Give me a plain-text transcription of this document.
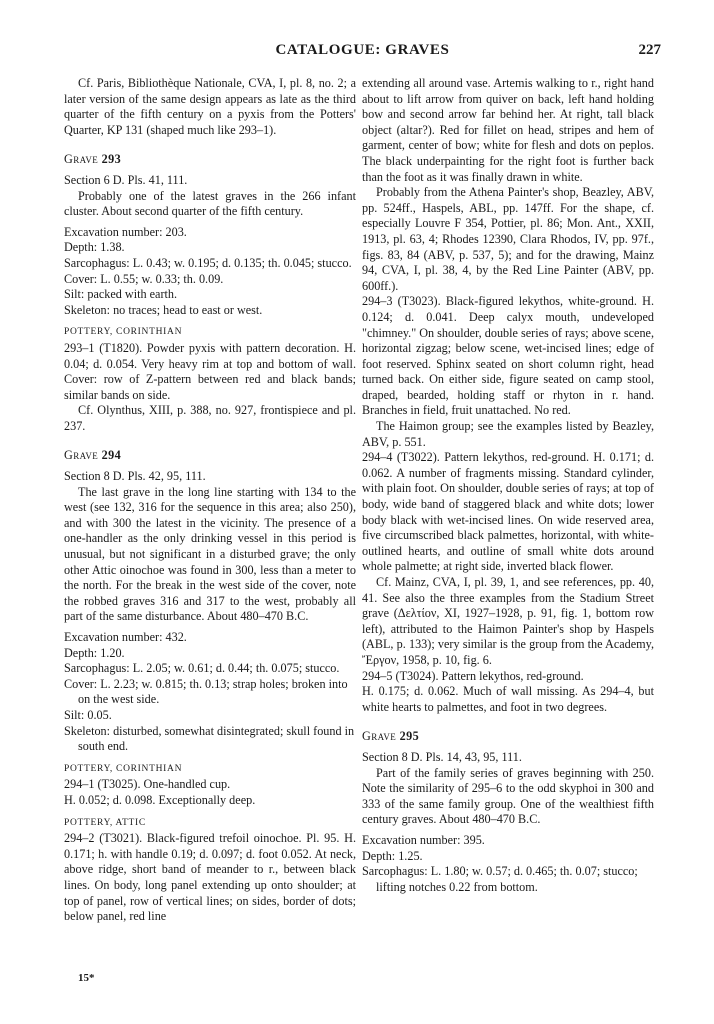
CATALOGUE: GRAVES	227

Cf. Paris, Bibliothèque Nationale, CVA, I, pl. 8, no. 2; a later version of the same design appears as late as the third quarter of the fifth century on a pyxis from the Potters' Quarter, KP 131 (shaped much like 293–1).

Grave 293

Section 6 D. Pls. 41, 111.

Probably one of the latest graves in the 266 infant cluster. About second quarter of the fifth century.

Excavation number: 203.

Depth: 1.38.

Sarcophagus: L. 0.43; w. 0.195; d. 0.135; th. 0.045; stucco.

Cover: L. 0.55; w. 0.33; th. 0.09.

Silt: packed with earth.

Skeleton: no traces; head to east or west.

POTTERY, CORINTHIAN

293–1 (T1820). Powder pyxis with pattern decoration. H. 0.04; d. 0.054. Very heavy rim at top and bottom of wall. Cover: row of Z-pattern between red and black bands; similar bands on side.

Cf. Olynthus, XIII, p. 388, no. 927, frontispiece and pl. 237.

Grave 294

Section 8 D. Pls. 42, 95, 111.

The last grave in the long line starting with 134 to the west (see 132, 316 for the sequence in this area; also 250), and with 300 the latest in the vicinity. The presence of a one-handler as the only drinking vessel in this period is unusual, but not significant in a disturbed grave; the only other Attic oinochoe was found in 300, less than a meter to the north. For the break in the west side of the cover, note the robbed graves 316 and 317 to the west, probably all part of the same disturbance. About 480–470 B.C.

Excavation number: 432.

Depth: 1.20.

Sarcophagus: L. 2.05; w. 0.61; d. 0.44; th. 0.075; stucco.

Cover: L. 2.23; w. 0.815; th. 0.13; strap holes; broken into on the west side.

Silt: 0.05.

Skeleton: disturbed, somewhat disintegrated; skull found in south end.

POTTERY, CORINTHIAN

294–1 (T3025). One-handled cup.

H. 0.052; d. 0.098. Exceptionally deep.

POTTERY, ATTIC

294–2 (T3021). Black-figured trefoil oinochoe. Pl. 95. H. 0.171; h. with handle 0.19; d. 0.097; d. foot 0.052. At neck, above ridge, short band of meander to r., between black lines. On body, long panel extending up onto shoulder; at top of panel, row of vertical lines; on sides, border of dots; below panel, red line

extending all around vase. Artemis walking to r., right hand about to lift arrow from quiver on back, left hand holding bow and second arrow far behind her. At right, tall black object (altar?). Red for fillet on head, stripes and hem of garment, center of bow; white for flesh and dots on peplos. The black underpainting for the right foot is further back than the foot as it was finally drawn in white.

Probably from the Athena Painter's shop, Beazley, ABV, pp. 524ff., Haspels, ABL, pp. 147ff. For the shape, cf. especially Louvre F 354, Pottier, pl. 86; Mon. Ant., XXII, 1913, pl. 63, 4; Rhodes 12390, Clara Rhodos, IV, pp. 97f., figs. 83, 84 (ABV, p. 537, 5); and for the drawing, Mainz 94, CVA, I, pl. 38, 4, by the Red Line Painter (ABV, pp. 600ff.).

294–3 (T3023). Black-figured lekythos, white-ground. H. 0.124; d. 0.041. Deep calyx mouth, undeveloped "chimney." On shoulder, double series of rays; above scene, horizontal zigzag; below scene, wet-incised lines; edge of foot reserved. Sphinx seated on short column right, head turned back. On either side, figure seated on camp stool, draped, bearded, holding staff or rhyton in r. hand. Branches in field, fruit unattached. No red.

The Haimon group; see the examples listed by Beazley, ABV, p. 551.

294–4 (T3022). Pattern lekythos, red-ground. H. 0.171; d. 0.062. A number of fragments missing. Standard cylinder, with plain foot. On shoulder, double series of rays; at top of body, wide band of staggered black and white dots; lower body black with wet-incised lines. On wide reserved area, five circumscribed black palmettes, horizontal, with white-outlined hearts, and outline of small white dots around whole palmette; at right side, inverted black flower.

Cf. Mainz, CVA, I, pl. 39, 1, and see references, pp. 40, 41. See also the three examples from the Stadium Street grave (Δελτίον, XI, 1927–1928, p. 91, fig. 1, bottom row left), attributed to the Haimon Painter's shop by Haspels (ABL, p. 133); very similar is the group from the Academy, Ἔργον, 1958, p. 10, fig. 6.

294–5 (T3024). Pattern lekythos, red-ground.

H. 0.175; d. 0.062. Much of wall missing. As 294–4, but white hearts to palmettes, and foot in two degrees.

Grave 295

Section 8 D. Pls. 14, 43, 95, 111.

Part of the family series of graves beginning with 250. Note the similarity of 295–6 to the odd skyphoi in 300 and 333 of the same family group. One of the wealthiest fifth century graves. About 480–470 B.C.

Excavation number: 395.

Depth: 1.25.

Sarcophagus: L. 1.80; w. 0.57; d. 0.465; th. 0.07; stucco; lifting notches 0.22 from bottom.

15*
